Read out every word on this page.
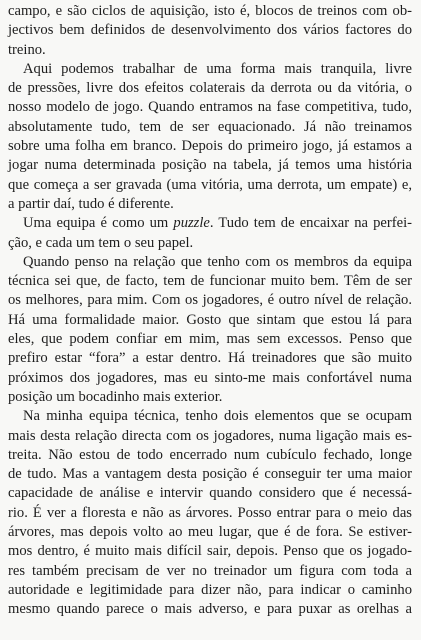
campo, e são ciclos de aquisição, isto é, blocos de treinos com ob-
jectivos bem definidos de desenvolvimento dos vários factores do
treino.
Aqui podemos trabalhar de uma forma mais tranquila, livre
de pressões, livre dos efeitos colaterais da derrota ou da vitória, o
nosso modelo de jogo. Quando entramos na fase competitiva, tudo,
absolutamente tudo, tem de ser equacionado. Já não treinamos
sobre uma folha em branco. Depois do primeiro jogo, já estamos a
jogar numa determinada posição na tabela, já temos uma história
que começa a ser gravada (uma vitória, uma derrota, um empate) e,
a partir daí, tudo é diferente.
Uma equipa é como um puzzle. Tudo tem de encaixar na perfei-
ção, e cada um tem o seu papel.
Quando penso na relação que tenho com os membros da equipa
técnica sei que, de facto, tem de funcionar muito bem. Têm de ser
os melhores, para mim. Com os jogadores, é outro nível de relação.
Há uma formalidade maior. Gosto que sintam que estou lá para
eles, que podem confiar em mim, mas sem excessos. Penso que
prefiro estar “fora” a estar dentro. Há treinadores que são muito
próximos dos jogadores, mas eu sinto-me mais confortável numa
posição um bocadinho mais exterior.
Na minha equipa técnica, tenho dois elementos que se ocupam
mais desta relação directa com os jogadores, numa ligação mais es-
treita. Não estou de todo encerrado num cubículo fechado, longe
de tudo. Mas a vantagem desta posição é conseguir ter uma maior
capacidade de análise e intervir quando considero que é necessá-
rio. É ver a floresta e não as árvores. Posso entrar para o meio das
árvores, mas depois volto ao meu lugar, que é de fora. Se estiver-
mos dentro, é muito mais difícil sair, depois. Penso que os jogado-
res também precisam de ver no treinador um figura com toda a
autoridade e legitimidade para dizer não, para indicar o caminho
mesmo quando parece o mais adverso, e para puxar as orelhas a
